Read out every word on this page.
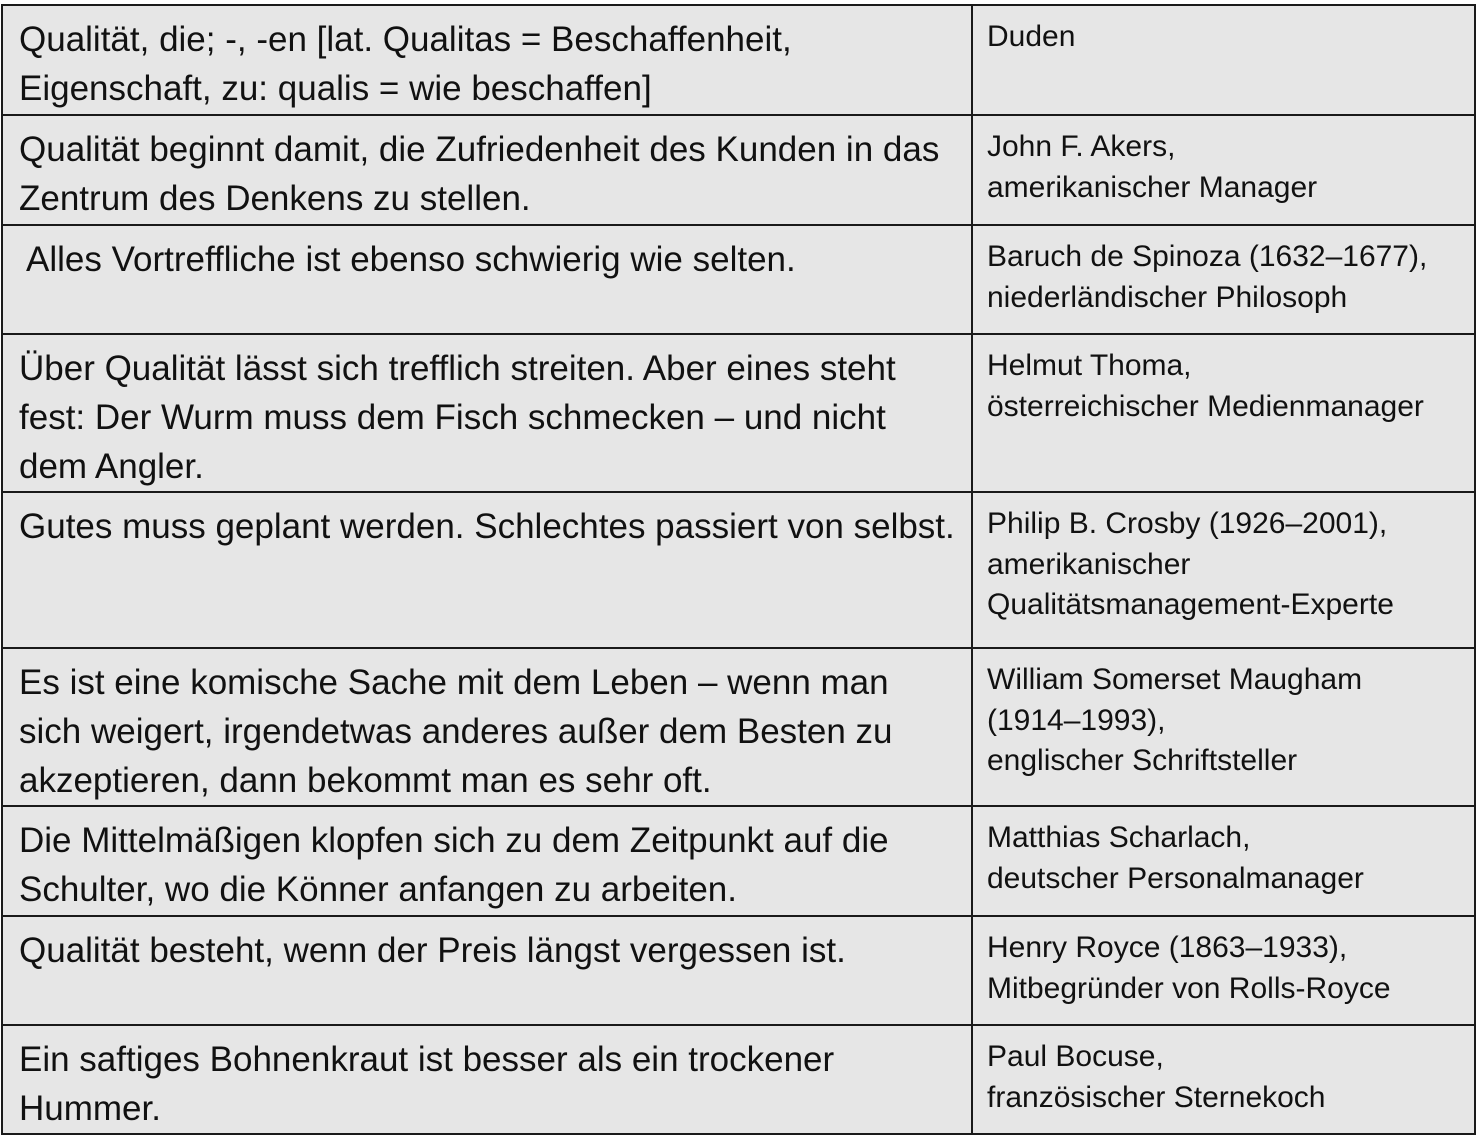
Qualität, die; -, -en [lat. Qualitas = Beschaffenheit, Eigenschaft, zu: qualis = wie beschaffen]	Duden

Qualität beginnt damit, die Zufriedenheit des Kunden in das Zentrum des Denkens zu stellen.	John F. Akers,
amerikanischer Manager

Alles Vortreffliche ist ebenso schwierig wie selten.	Baruch de Spinoza (1632–1677),
niederländischer Philosoph

Über Qualität lässt sich trefflich streiten. Aber eines steht fest: Der Wurm muss dem Fisch schmecken – und nicht dem Angler.	Helmut Thoma,
österreichischer Medienmanager

Gutes muss geplant werden. Schlechtes passiert von selbst.	Philip B. Crosby (1926–2001),
amerikanischer
Qualitätsmanagement-Experte

Es ist eine komische Sache mit dem Leben – wenn man sich weigert, irgendetwas anderes außer dem Besten zu akzeptieren, dann bekommt man es sehr oft.	William Somerset Maugham
(1914–1993),
englischer Schriftsteller

Die Mittelmäßigen klopfen sich zu dem Zeitpunkt auf die Schulter, wo die Könner anfangen zu arbeiten.	Matthias Scharlach,
deutscher Personalmanager

Qualität besteht, wenn der Preis längst vergessen ist.	Henry Royce (1863–1933),
Mitbegründer von Rolls-Royce

Ein saftiges Bohnenkraut ist besser als ein trockener Hummer.	Paul Bocuse,
französischer Sternekoch
